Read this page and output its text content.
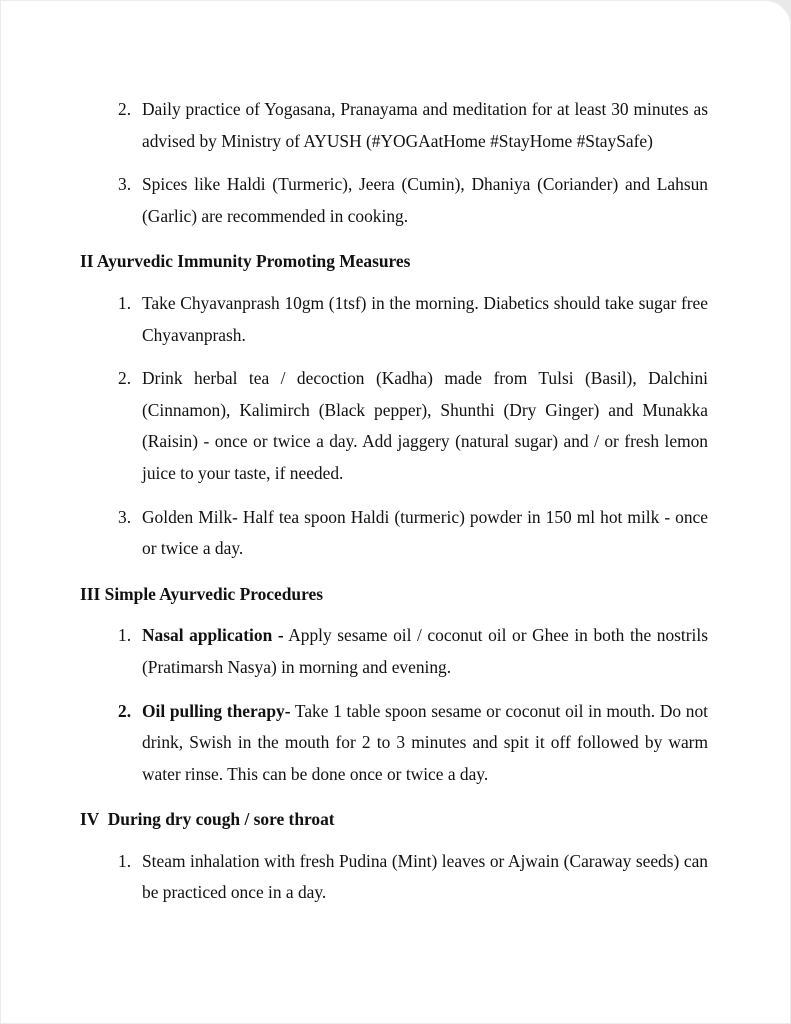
2. Daily practice of Yogasana, Pranayama and meditation for at least 30 minutes as advised by Ministry of AYUSH (#YOGAatHome #StayHome #StaySafe)
3. Spices like Haldi (Turmeric), Jeera (Cumin), Dhaniya (Coriander) and Lahsun (Garlic) are recommended in cooking.
II Ayurvedic Immunity Promoting Measures
1. Take Chyavanprash 10gm (1tsf) in the morning. Diabetics should take sugar free Chyavanprash.
2. Drink herbal tea / decoction (Kadha) made from Tulsi (Basil), Dalchini (Cinnamon), Kalimirch (Black pepper), Shunthi (Dry Ginger) and Munakka (Raisin) - once or twice a day. Add jaggery (natural sugar) and / or fresh lemon juice to your taste, if needed.
3. Golden Milk- Half tea spoon Haldi (turmeric) powder in 150 ml hot milk - once or twice a day.
III Simple Ayurvedic Procedures
1. Nasal application - Apply sesame oil / coconut oil or Ghee in both the nostrils (Pratimarsh Nasya) in morning and evening.
2. Oil pulling therapy- Take 1 table spoon sesame or coconut oil in mouth. Do not drink, Swish in the mouth for 2 to 3 minutes and spit it off followed by warm water rinse. This can be done once or twice a day.
IV  During dry cough / sore throat
1. Steam inhalation with fresh Pudina (Mint) leaves or Ajwain (Caraway seeds) can be practiced once in a day.
